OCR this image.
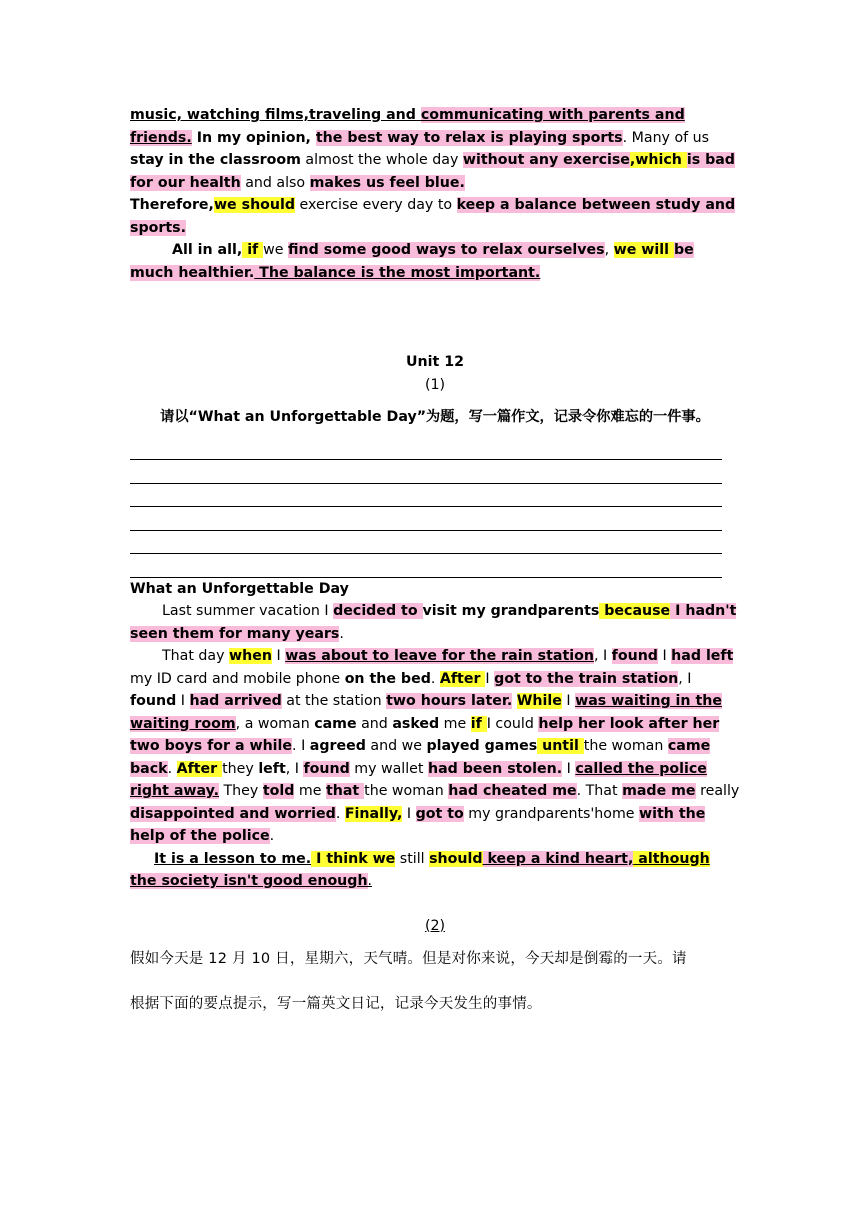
music, watching films,traveling and communicating with parents and friends. In my opinion, the best way to relax is playing sports. Many of us stay in the classroom almost the whole day without any exercise,which is bad for our health and also makes us feel blue.

Therefore,we should exercise every day to keep a balance between study and sports.

All in all, if we find some good ways to relax ourselves, we will be much healthier. The balance is the most important.

Unit 12

(1)

请以“What an Unforgettable Day”为题，写一篇作文，记录令你难忘的一件事。

What an Unforgettable Day

Last summer vacation I decided to visit my grandparents because I hadn't seen them for many years.

That day when I was about to leave for the rain station, I found I had left my ID card and mobile phone on the bed. After I got to the train station, I found I had arrived at the station two hours later. While I was waiting in the waiting room, a woman came and asked me if I could help her look after her two boys for a while. I agreed and we played games until the woman came back. After they left, I found my wallet had been stolen. I called the police right away. They told me that the woman had cheated me. That made me really disappointed and worried. Finally, I got to my grandparents'home with the help of the police.

It is a lesson to me. I think we still should keep a kind heart, although the society isn't good enough.

(2)

假如今天是 12 月 10 日，星期六，天气晴。但是对你来说，今天却是倒霉的一天。请

根据下面的要点提示，写一篇英文日记，记录今天发生的事情。
